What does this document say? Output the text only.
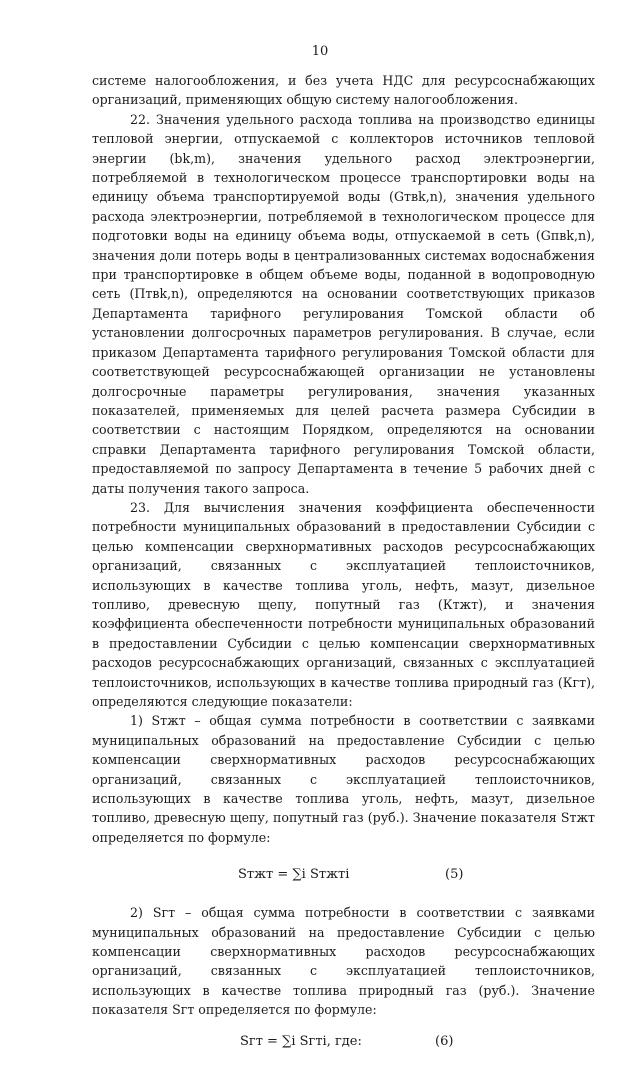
10

системе налогообложения, и без учета НДС для ресурсоснабжающих организаций, применяющих общую систему налогообложения.

22. Значения удельного расхода топлива на производство единицы тепловой энергии, отпускаемой с коллекторов источников тепловой энергии (bk,m), значения удельного расход электроэнергии, потребляемой в технологическом процессе транспортировки воды на единицу объема транспортируемой воды (Gтвk,n), значения удельного расхода электроэнергии, потребляемой в технологическом процессе для подготовки воды на единицу объема воды, отпускаемой в сеть (Gпвk,n), значения доли потерь воды в централизованных системах водоснабжения при транспортировке в общем объеме воды, поданной в водопроводную сеть (Птвk,n), определяются на основании соответствующих приказов Департамента тарифного регулирования Томской области об установлении долгосрочных параметров регулирования. В случае, если приказом Департамента тарифного регулирования Томской области для соответствующей ресурсоснабжающей организации не установлены долгосрочные параметры регулирования, значения указанных показателей, применяемых для целей расчета размера Субсидии в соответствии с настоящим Порядком, определяются на основании справки Департамента тарифного регулирования Томской области, предоставляемой по запросу Департамента в течение 5 рабочих дней с даты получения такого запроса.

23. Для вычисления значения коэффициента обеспеченности потребности муниципальных образований в предоставлении Субсидии с целью компенсации сверхнормативных расходов ресурсоснабжающих организаций, связанных с эксплуатацией теплоисточников, использующих в качестве топлива уголь, нефть, мазут, дизельное топливо, древесную щепу, попутный газ (Ктжт), и значения коэффициента обеспеченности потребности муниципальных образований в предоставлении Субсидии с целью компенсации сверхнормативных расходов ресурсоснабжающих организаций, связанных с эксплуатацией теплоисточников, использующих в качестве топлива природный газ (Кгт), определяются следующие показатели:

1) Sтжт – общая сумма потребности в соответствии с заявками муниципальных образований на предоставление Субсидии с целью компенсации сверхнормативных расходов ресурсоснабжающих организаций, связанных с эксплуатацией теплоисточников, использующих в качестве топлива уголь, нефть, мазут, дизельное топливо, древесную щепу, попутный газ (руб.). Значение показателя Sтжт определяется по формуле:

Sтжт = ∑i Sтжтi	(5)

2) Sгт – общая сумма потребности в соответствии с заявками муниципальных образований на предоставление Субсидии с целью компенсации сверхнормативных расходов ресурсоснабжающих организаций, связанных с эксплуатацией теплоисточников, использующих в качестве топлива природный газ (руб.). Значение показателя Sгт определяется по формуле:

Sгт = ∑i Sгтi, где:	(6)
